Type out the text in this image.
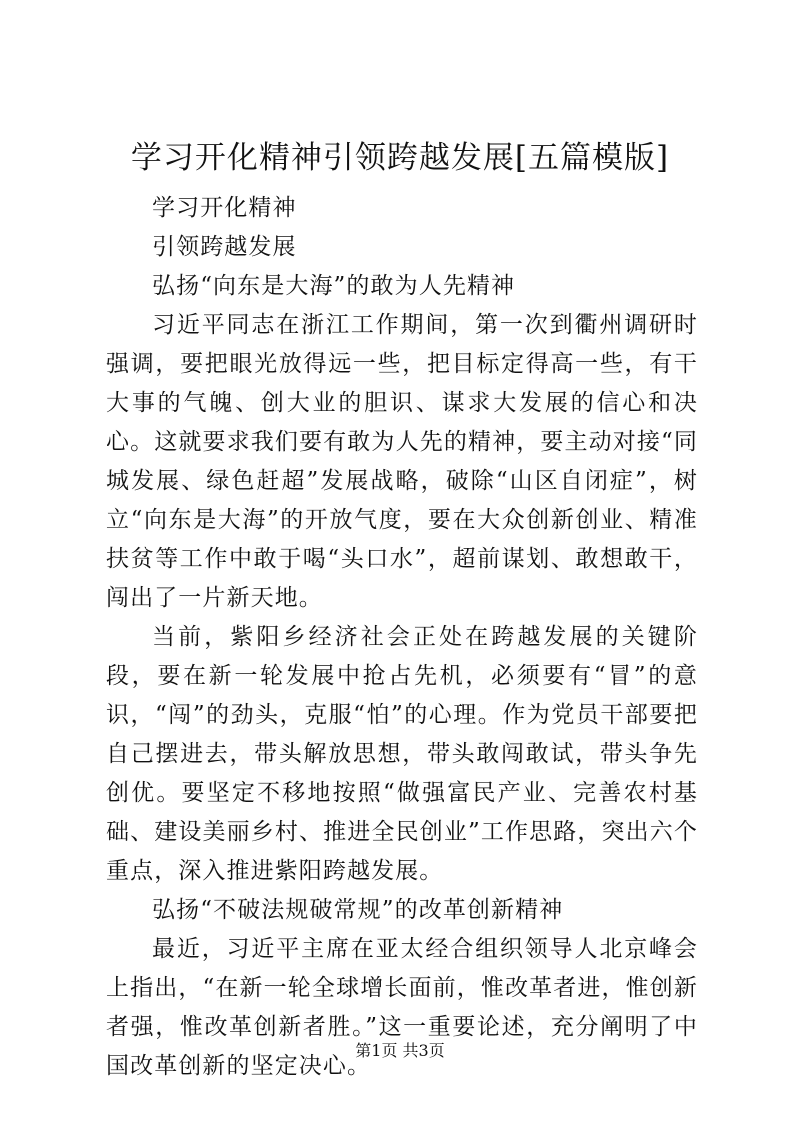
学习开化精神引领跨越发展[五篇模版]

学习开化精神

引领跨越发展

弘扬“向东是大海”的敢为人先精神

习近平同志在浙江工作期间，第一次到衢州调研时强调，要把眼光放得远一些，把目标定得高一些，有干大事的气魄、创大业的胆识、谋求大发展的信心和决心。这就要求我们要有敢为人先的精神，要主动对接“同城发展、绿色赶超”发展战略，破除“山区自闭症”，树立“向东是大海”的开放气度，要在大众创新创业、精准扶贫等工作中敢于喝“头口水”，超前谋划、敢想敢干，闯出了一片新天地。

当前，紫阳乡经济社会正处在跨越发展的关键阶段，要在新一轮发展中抢占先机，必须要有“冒”的意识，“闯”的劲头，克服“怕”的心理。作为党员干部要把自己摆进去，带头解放思想，带头敢闯敢试，带头争先创优。要坚定不移地按照“做强富民产业、完善农村基础、建设美丽乡村、推进全民创业”工作思路，突出六个重点，深入推进紫阳跨越发展。

弘扬“不破法规破常规”的改革创新精神

最近，习近平主席在亚太经合组织领导人北京峰会上指出，“在新一轮全球增长面前，惟改革者进，惟创新者强，惟改革创新者胜。”这一重要论述，充分阐明了中国改革创新的坚定决心。

第1页 共3页
